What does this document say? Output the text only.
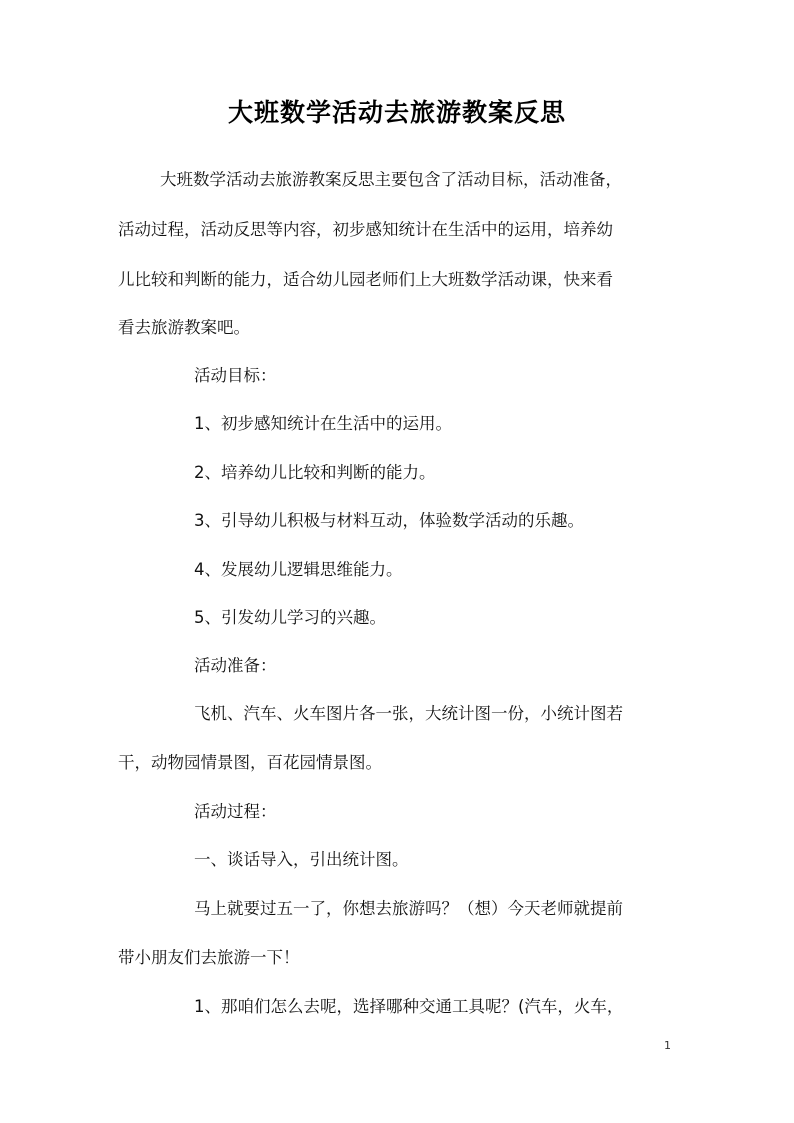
大班数学活动去旅游教案反思
大班数学活动去旅游教案反思主要包含了活动目标，活动准备，
活动过程，活动反思等内容，初步感知统计在生活中的运用，培养幼
儿比较和判断的能力，适合幼儿园老师们上大班数学活动课，快来看
看去旅游教案吧。
活动目标：
1、初步感知统计在生活中的运用。
2、培养幼儿比较和判断的能力。
3、引导幼儿积极与材料互动，体验数学活动的乐趣。
4、发展幼儿逻辑思维能力。
5、引发幼儿学习的兴趣。
活动准备：
飞机、汽车、火车图片各一张，大统计图一份，小统计图若
干，动物园情景图，百花园情景图。
活动过程：
一、谈话导入，引出统计图。
马上就要过五一了，你想去旅游吗？（想）今天老师就提前
带小朋友们去旅游一下！
1、那咱们怎么去呢，选择哪种交通工具呢？(汽车，火车，
1
